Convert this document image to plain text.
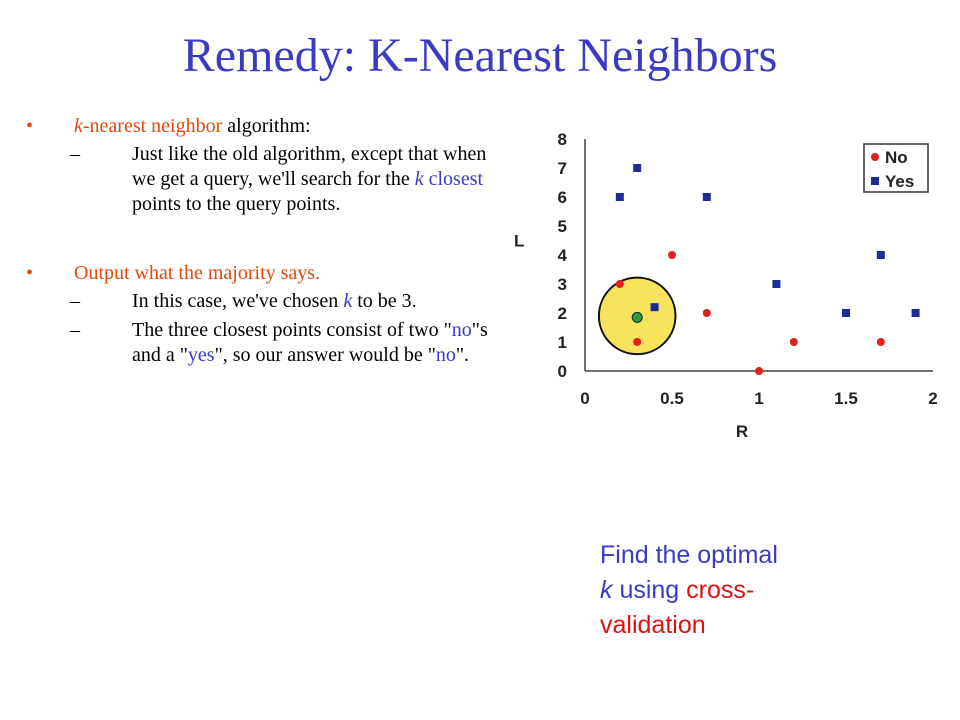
Remedy: K-Nearest Neighbors
• k-nearest neighbor algorithm:
–	Just like the old algorithm, except that when we get a query, we'll search for the k closest points to the query points.
• Output what the majority says.
–	In this case, we've chosen k to be 3.
–	The three closest points consist of two "no"s and a "yes", so our answer would be "no".
0
1
2
3
4
5
6
7
8
0	0.5	1	1.5	2
R
L
No
Yes
Find the optimal
k using cross-
validation
